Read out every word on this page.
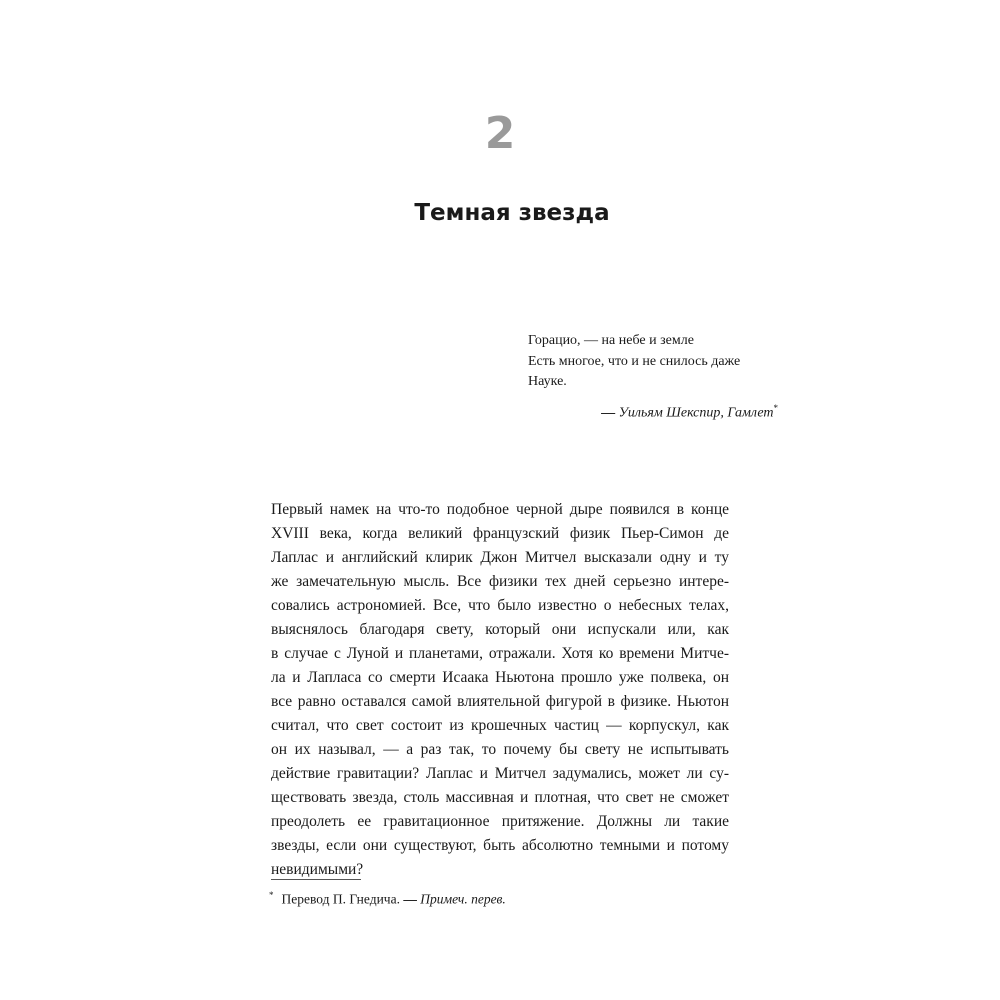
2
Темная звезда
Горацио, — на небе и земле
Есть многое, что и не снилось даже
Науке.
— Уильям Шекспир, Гамлет*

Первый намек на что-то подобное черной дыре появился в конце
XVIII века, когда великий французский физик Пьер-Симон де
Лаплас и английский клирик Джон Митчел высказали одну и ту
же замечательную мысль. Все физики тех дней серьезно интере-
совались астрономией. Все, что было известно о небесных телах,
выяснялось благодаря свету, который они испускали или, как
в случае с Луной и планетами, отражали. Хотя ко времени Митче-
ла и Лапласа со смерти Исаака Ньютона прошло уже полвека, он
все равно оставался самой влиятельной фигурой в физике. Ньютон
считал, что свет состоит из крошечных частиц — корпускул, как
он их называл, — а раз так, то почему бы свету не испытывать
действие гравитации? Лаплас и Митчел задумались, может ли су-
ществовать звезда, столь массивная и плотная, что свет не сможет
преодолеть ее гравитационное притяжение. Должны ли такие
звезды, если они существуют, быть абсолютно темными и потому
невидимыми?

* Перевод П. Гнедича. — Примеч. перев.
